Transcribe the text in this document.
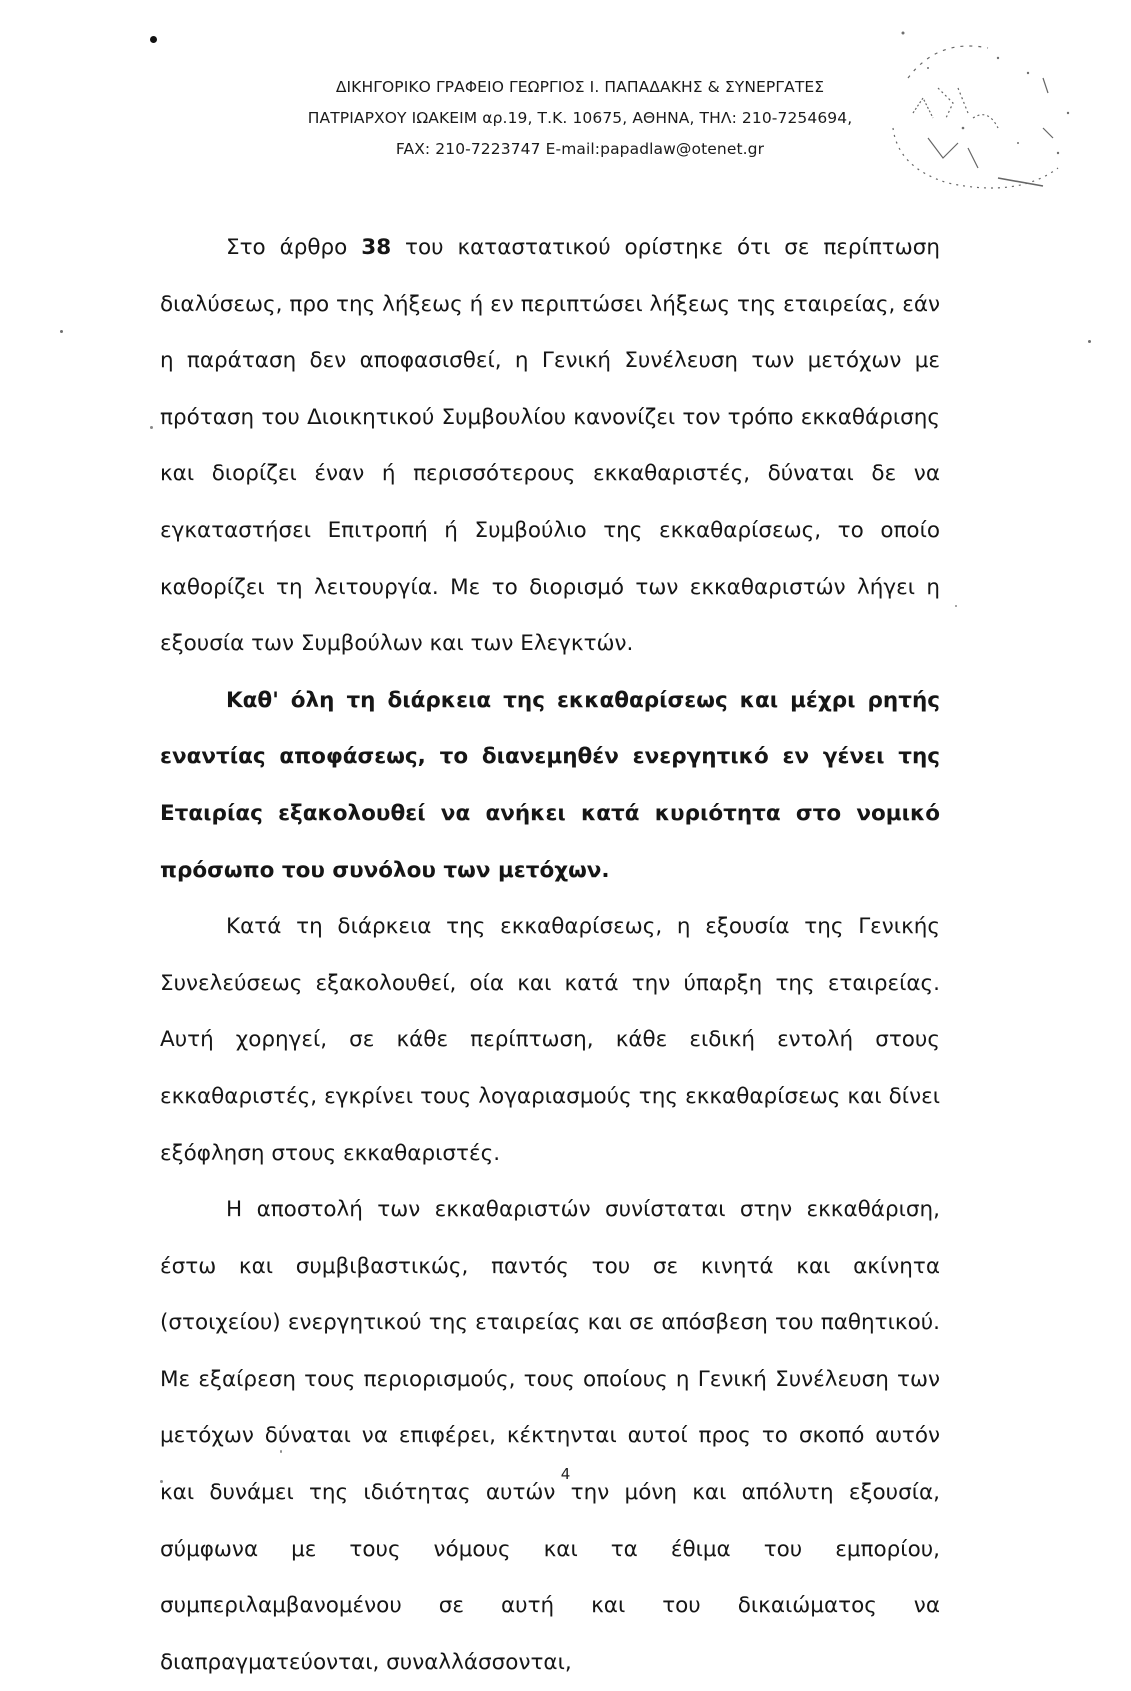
ΔΙΚΗΓΟΡΙΚΟ ΓΡΑΦΕΙΟ ΓΕΩΡΓΙΟΣ Ι. ΠΑΠΑΔΑΚΗΣ & ΣΥΝΕΡΓΑΤΕΣ
ΠΑΤΡΙΑΡΧΟΥ ΙΩΑΚΕΙΜ αρ.19, Τ.Κ. 10675, ΑΘΗΝΑ, ΤΗΛ: 210-7254694,
FAX: 210-7223747 E-mail:papadlaw@otenet.gr

Στο άρθρο 38 του καταστατικού ορίστηκε ότι σε περίπτωση διαλύσεως, προ της λήξεως ή εν περιπτώσει λήξεως της εταιρείας, εάν η παράταση δεν αποφασισθεί, η Γενική Συνέλευση των μετόχων με πρόταση του Διοικητικού Συμβουλίου κανονίζει τον τρόπο εκκαθάρισης και διορίζει έναν ή περισσότερους εκκαθαριστές, δύναται δε να εγκαταστήσει Επιτροπή ή Συμβούλιο της εκκαθαρίσεως, το οποίο καθορίζει τη λειτουργία. Με το διορισμό των εκκαθαριστών λήγει η εξουσία των Συμβούλων και των Ελεγκτών.

Καθ' όλη τη διάρκεια της εκκαθαρίσεως και μέχρι ρητής εναντίας αποφάσεως, το διανεμηθέν ενεργητικό εν γένει της Εταιρίας εξακολουθεί να ανήκει κατά κυριότητα στο νομικό πρόσωπο του συνόλου των μετόχων.

Κατά τη διάρκεια της εκκαθαρίσεως, η εξουσία της Γενικής Συνελεύσεως εξακολουθεί, οία και κατά την ύπαρξη της εταιρείας. Αυτή χορηγεί, σε κάθε περίπτωση, κάθε ειδική εντολή στους εκκαθαριστές, εγκρίνει τους λογαριασμούς της εκκαθαρίσεως και δίνει εξόφληση στους εκκαθαριστές.

Η αποστολή των εκκαθαριστών συνίσταται στην εκκαθάριση, έστω και συμβιβαστικώς, παντός του σε κινητά και ακίνητα (στοιχείου) ενεργητικού της εταιρείας και σε απόσβεση του παθητικού. Με εξαίρεση τους περιορισμούς, τους οποίους η Γενική Συνέλευση των μετόχων δύναται να επιφέρει, κέκτηνται αυτοί προς το σκοπό αυτόν και δυνάμει της ιδιότητας αυτών την μόνη και απόλυτη εξουσία, σύμφωνα με τους νόμους και τα έθιμα του εμπορίου, συμπεριλαμβανομένου σε αυτή και του δικαιώματος να διαπραγματεύονται, συναλλάσσονται,

4
